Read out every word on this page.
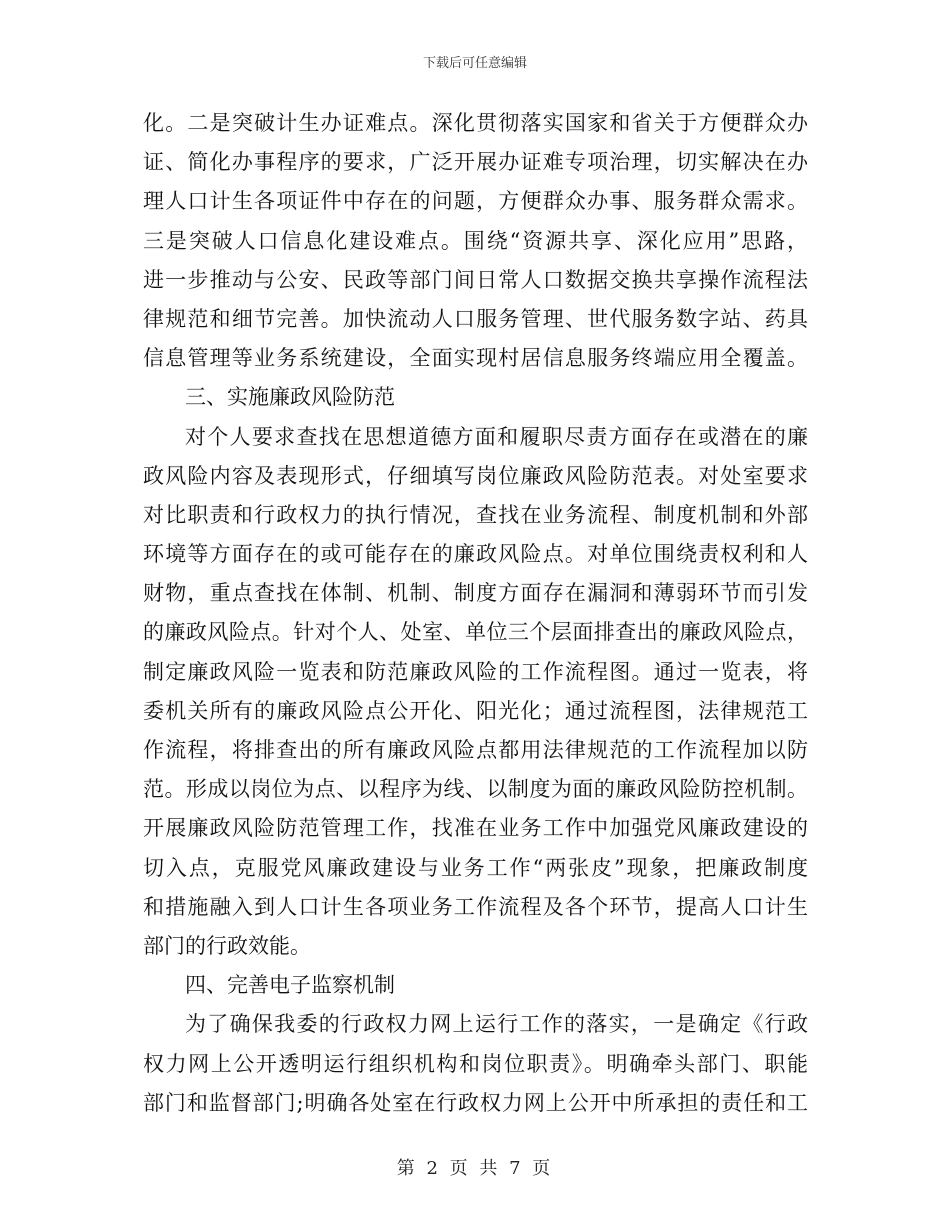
下载后可任意编辑
化。二是突破计生办证难点。深化贯彻落实国家和省关于方便群众办
证、简化办事程序的要求，广泛开展办证难专项治理，切实解决在办
理人口计生各项证件中存在的问题，方便群众办事、服务群众需求。
三是突破人口信息化建设难点。围绕“资源共享、深化应用”思路，
进一步推动与公安、民政等部门间日常人口数据交换共享操作流程法
律规范和细节完善。加快流动人口服务管理、世代服务数字站、药具
信息管理等业务系统建设，全面实现村居信息服务终端应用全覆盖。
三、实施廉政风险防范
对个人要求查找在思想道德方面和履职尽责方面存在或潜在的廉
政风险内容及表现形式，仔细填写岗位廉政风险防范表。对处室要求
对比职责和行政权力的执行情况，查找在业务流程、制度机制和外部
环境等方面存在的或可能存在的廉政风险点。对单位围绕责权利和人
财物，重点查找在体制、机制、制度方面存在漏洞和薄弱环节而引发
的廉政风险点。针对个人、处室、单位三个层面排查出的廉政风险点，
制定廉政风险一览表和防范廉政风险的工作流程图。通过一览表，将
委机关所有的廉政风险点公开化、阳光化；通过流程图，法律规范工
作流程，将排查出的所有廉政风险点都用法律规范的工作流程加以防
范。形成以岗位为点、以程序为线、以制度为面的廉政风险防控机制。
开展廉政风险防范管理工作，找准在业务工作中加强党风廉政建设的
切入点，克服党风廉政建设与业务工作“两张皮”现象，把廉政制度
和措施融入到人口计生各项业务工作流程及各个环节，提高人口计生
部门的行政效能。
四、完善电子监察机制
为了确保我委的行政权力网上运行工作的落实，一是确定《行政
权力网上公开透明运行组织机构和岗位职责》。明确牵头部门、职能
部门和监督部门;明确各处室在行政权力网上公开中所承担的责任和工
第 2 页 共 7 页
